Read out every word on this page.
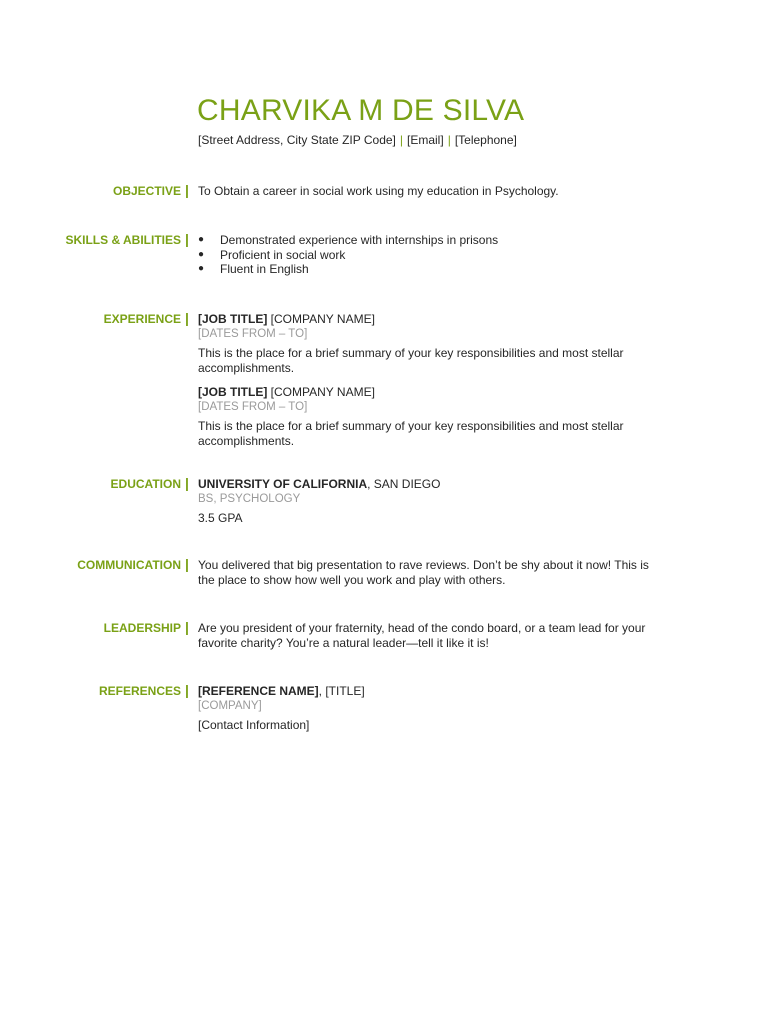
CHARVIKA M DE SILVA
[Street Address, City State ZIP Code] | [Email] | [Telephone]
OBJECTIVE | To Obtain a career in social work using my education in Psychology.
SKILLS & ABILITIES | ● Demonstrated experience with internships in prisons
● Proficient in social work
● Fluent in English
EXPERIENCE | [JOB TITLE] [COMPANY NAME]
[DATES FROM – TO]
This is the place for a brief summary of your key responsibilities and most stellar accomplishments.
[JOB TITLE] [COMPANY NAME]
[DATES FROM – TO]
This is the place for a brief summary of your key responsibilities and most stellar accomplishments.
EDUCATION | UNIVERSITY OF CALIFORNIA, SAN DIEGO
BS, PSYCHOLOGY
3.5 GPA
COMMUNICATION | You delivered that big presentation to rave reviews. Don’t be shy about it now! This is the place to show how well you work and play with others.
LEADERSHIP | Are you president of your fraternity, head of the condo board, or a team lead for your favorite charity? You’re a natural leader—tell it like it is!
REFERENCES | [REFERENCE NAME], [TITLE]
[COMPANY]
[Contact Information]
